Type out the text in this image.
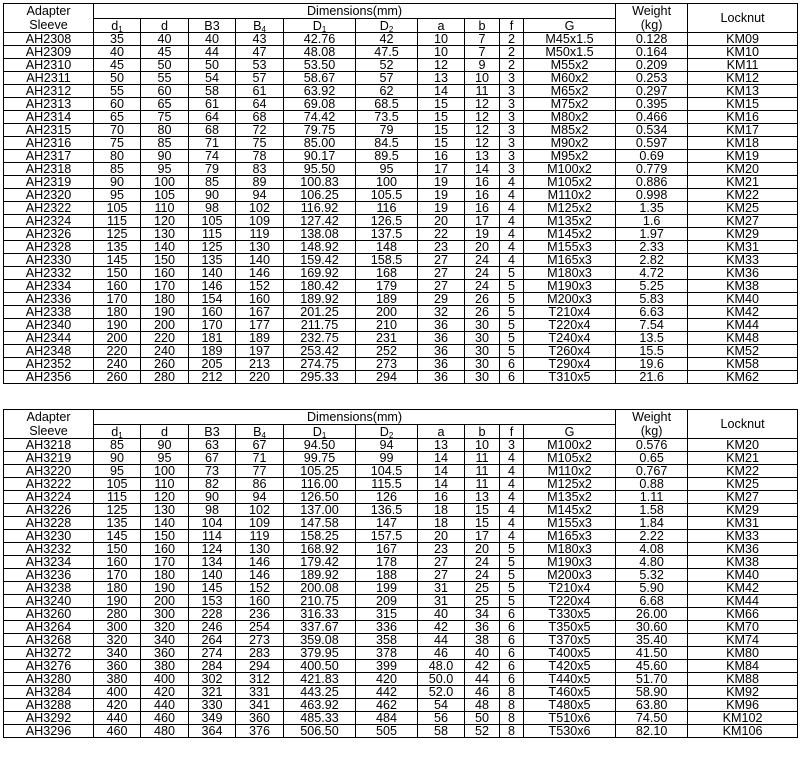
Adapter
Sleeve	Dimensions(mm)										Weight
(kg)	Locknut
	$d_1$	d	B3	$B_4$	$D_1$	$D_2$	a	b	f	G		
AH2308	35	40	40	43	42.76	42	10	7	2	M45x1.5	0.128	KM09
AH2309	40	45	44	47	48.08	47.5	10	7	2	M50x1.5	0.164	KM10
AH2310	45	50	50	53	53.50	52	12	9	2	M55x2	0.209	KM11
AH2311	50	55	54	57	58.67	57	13	10	3	M60x2	0.253	KM12
AH2312	55	60	58	61	63.92	62	14	11	3	M65x2	0.297	KM13
AH2313	60	65	61	64	69.08	68.5	15	12	3	M75x2	0.395	KM15
AH2314	65	75	64	68	74.42	73.5	15	12	3	M80x2	0.466	KM16
AH2315	70	80	68	72	79.75	79	15	12	3	M85x2	0.534	KM17
AH2316	75	85	71	75	85.00	84.5	15	12	3	M90x2	0.597	KM18
AH2317	80	90	74	78	90.17	89.5	16	13	3	M95x2	0.69	KM19
AH2318	85	95	79	83	95.50	95	17	14	3	M100x2	0.779	KM20
AH2319	90	100	85	89	100.83	100	19	16	4	M105x2	0.886	KM21
AH2320	95	105	90	94	106.25	105.5	19	16	4	M110x2	0.998	KM22
AH2322	105	110	98	102	116.92	116	19	16	4	M125x2	1.35	KM25
AH2324	115	120	105	109	127.42	126.5	20	17	4	M135x2	1.6	KM27
AH2326	125	130	115	119	138.08	137.5	22	19	4	M145x2	1.97	KM29
AH2328	135	140	125	130	148.92	148	23	20	4	M155x3	2.33	KM31
AH2330	145	150	135	140	159.42	158.5	27	24	4	M165x3	2.82	KM33
AH2332	150	160	140	146	169.92	168	27	24	5	M180x3	4.72	KM36
AH2334	160	170	146	152	180.42	179	27	24	5	M190x3	5.25	KM38
AH2336	170	180	154	160	189.92	189	29	26	5	M200x3	5.83	KM40
AH2338	180	190	160	167	201.25	200	32	26	5	T210x4	6.63	KM42
AH2340	190	200	170	177	211.75	210	36	30	5	T220x4	7.54	KM44
AH2344	200	220	181	189	232.75	231	36	30	5	T240x4	13.5	KM48
AH2348	220	240	189	197	253.42	252	36	30	5	T260x4	15.5	KM52
AH2352	240	260	205	213	274.75	273	36	30	6	T290x4	19.6	KM58
AH2356	260	280	212	220	295.33	294	36	30	6	T310x5	21.6	KM62
Adapter
Sleeve	Dimensions(mm)										Weight
(kg)	Locknut
	$d_1$	d	B3	$B_4$	$D_1$	$D_2$	a	b	f	G		
AH3218	85	90	63	67	94.50	94	13	10	3	M100x2	0.576	KM20
AH3219	90	95	67	71	99.75	99	14	11	4	M105x2	0.65	KM21
AH3220	95	100	73	77	105.25	104.5	14	11	4	M110x2	0.767	KM22
AH3222	105	110	82	86	116.00	115.5	14	11	4	M125x2	0.88	KM25
AH3224	115	120	90	94	126.50	126	16	13	4	M135x2	1.11	KM27
AH3226	125	130	98	102	137.00	136.5	18	15	4	M145x2	1.58	KM29
AH3228	135	140	104	109	147.58	147	18	15	4	M155x3	1.84	KM31
AH3230	145	150	114	119	158.25	157.5	20	17	4	M165x3	2.22	KM33
AH3232	150	160	124	130	168.92	167	23	20	5	M180x3	4.08	KM36
AH3234	160	170	134	146	179.42	178	27	24	5	M190x3	4.80	KM38
AH3236	170	180	140	146	189.92	188	27	24	5	M200x3	5.32	KM40
AH3238	180	190	145	152	200.08	199	31	25	5	T210x4	5.90	KM42
AH3240	190	200	153	160	210.75	209	31	25	5	T220x4	6.68	KM44
AH3260	280	300	228	236	316.33	315	40	34	6	T330x5	26.00	KM66
AH3264	300	320	246	254	337.67	336	42	36	6	T350x5	30.60	KM70
AH3268	320	340	264	273	359.08	358	44	38	6	T370x5	35.40	KM74
AH3272	340	360	274	283	379.95	378	46	40	6	T400x5	41.50	KM80
AH3276	360	380	284	294	400.50	399	48.0	42	6	T420x5	45.60	KM84
AH3280	380	400	302	312	421.83	420	50.0	44	6	T440x5	51.70	KM88
AH3284	400	420	321	331	443.25	442	52.0	46	8	T460x5	58.90	KM92
AH3288	420	440	330	341	463.92	462	54	48	8	T480x5	63.80	KM96
AH3292	440	460	349	360	485.33	484	56	50	8	T510x6	74.50	KM102
AH3296	460	480	364	376	506.50	505	58	52	8	T530x6	82.10	KM106
